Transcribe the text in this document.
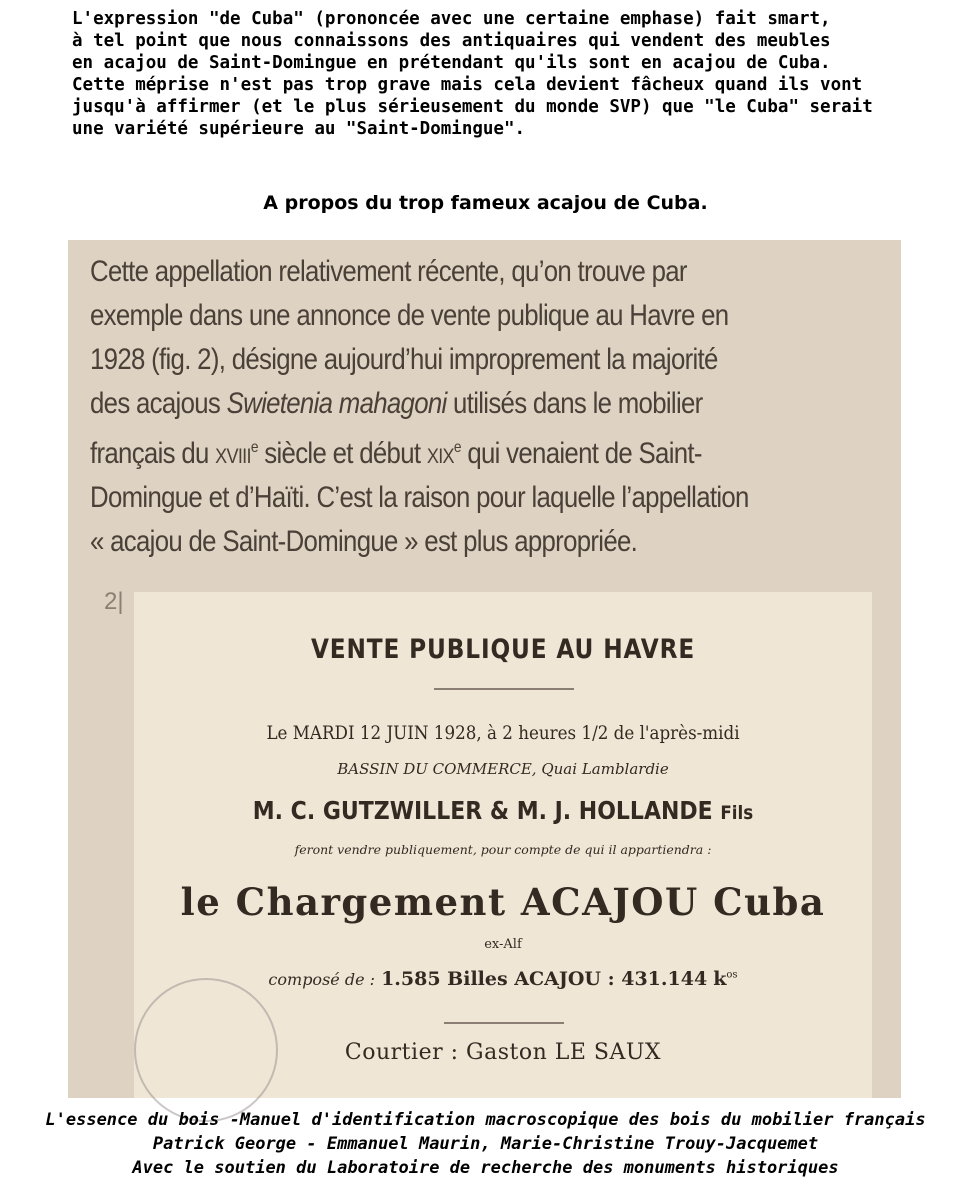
L'expression "de Cuba" (prononcée avec une certaine emphase) fait smart,
à tel point que nous connaissons des antiquaires qui vendent des meubles
en acajou de Saint-Domingue en prétendant qu'ils sont en acajou de Cuba.
Cette méprise n'est pas trop grave mais cela devient fâcheux quand ils vont
jusqu'à affirmer (et le plus sérieusement du monde SVP) que "le Cuba" serait
une variété supérieure au "Saint-Domingue".
A propos du trop fameux acajou de Cuba.
Cette appellation relativement récente, qu’on trouve par
exemple dans une annonce de vente publique au Havre en
1928 (fig. 2), désigne aujourd’hui improprement la majorité
des acajous Swietenia mahagoni utilisés dans le mobilier
français du xviii$^e$ siècle et début xix$^e$ qui venaient de Saint-
Domingue et d’Haïti. C’est la raison pour laquelle l’appellation
« acajou de Saint-Domingue » est plus appropriée.
2|
VENTE PUBLIQUE AU HAVRE
Le MARDI 12 JUIN 1928, à 2 heures 1/2 de l'après-midi
BASSIN DU COMMERCE, Quai Lamblardie
M. C. GUTZWILLER & M. J. HOLLANDE Fils
feront vendre publiquement, pour compte de qui il appartiendra :
le Chargement ACAJOU Cuba
ex-Alf
composé de : 1.585 Billes ACAJOU : 431.144 $k^{os}$
Courtier : Gaston LE SAUX
L'essence du bois -Manuel d'identification macroscopique des bois du mobilier français
Patrick George - Emmanuel Maurin, Marie-Christine Trouy-Jacquemet
Avec le soutien du Laboratoire de recherche des monuments historiques
